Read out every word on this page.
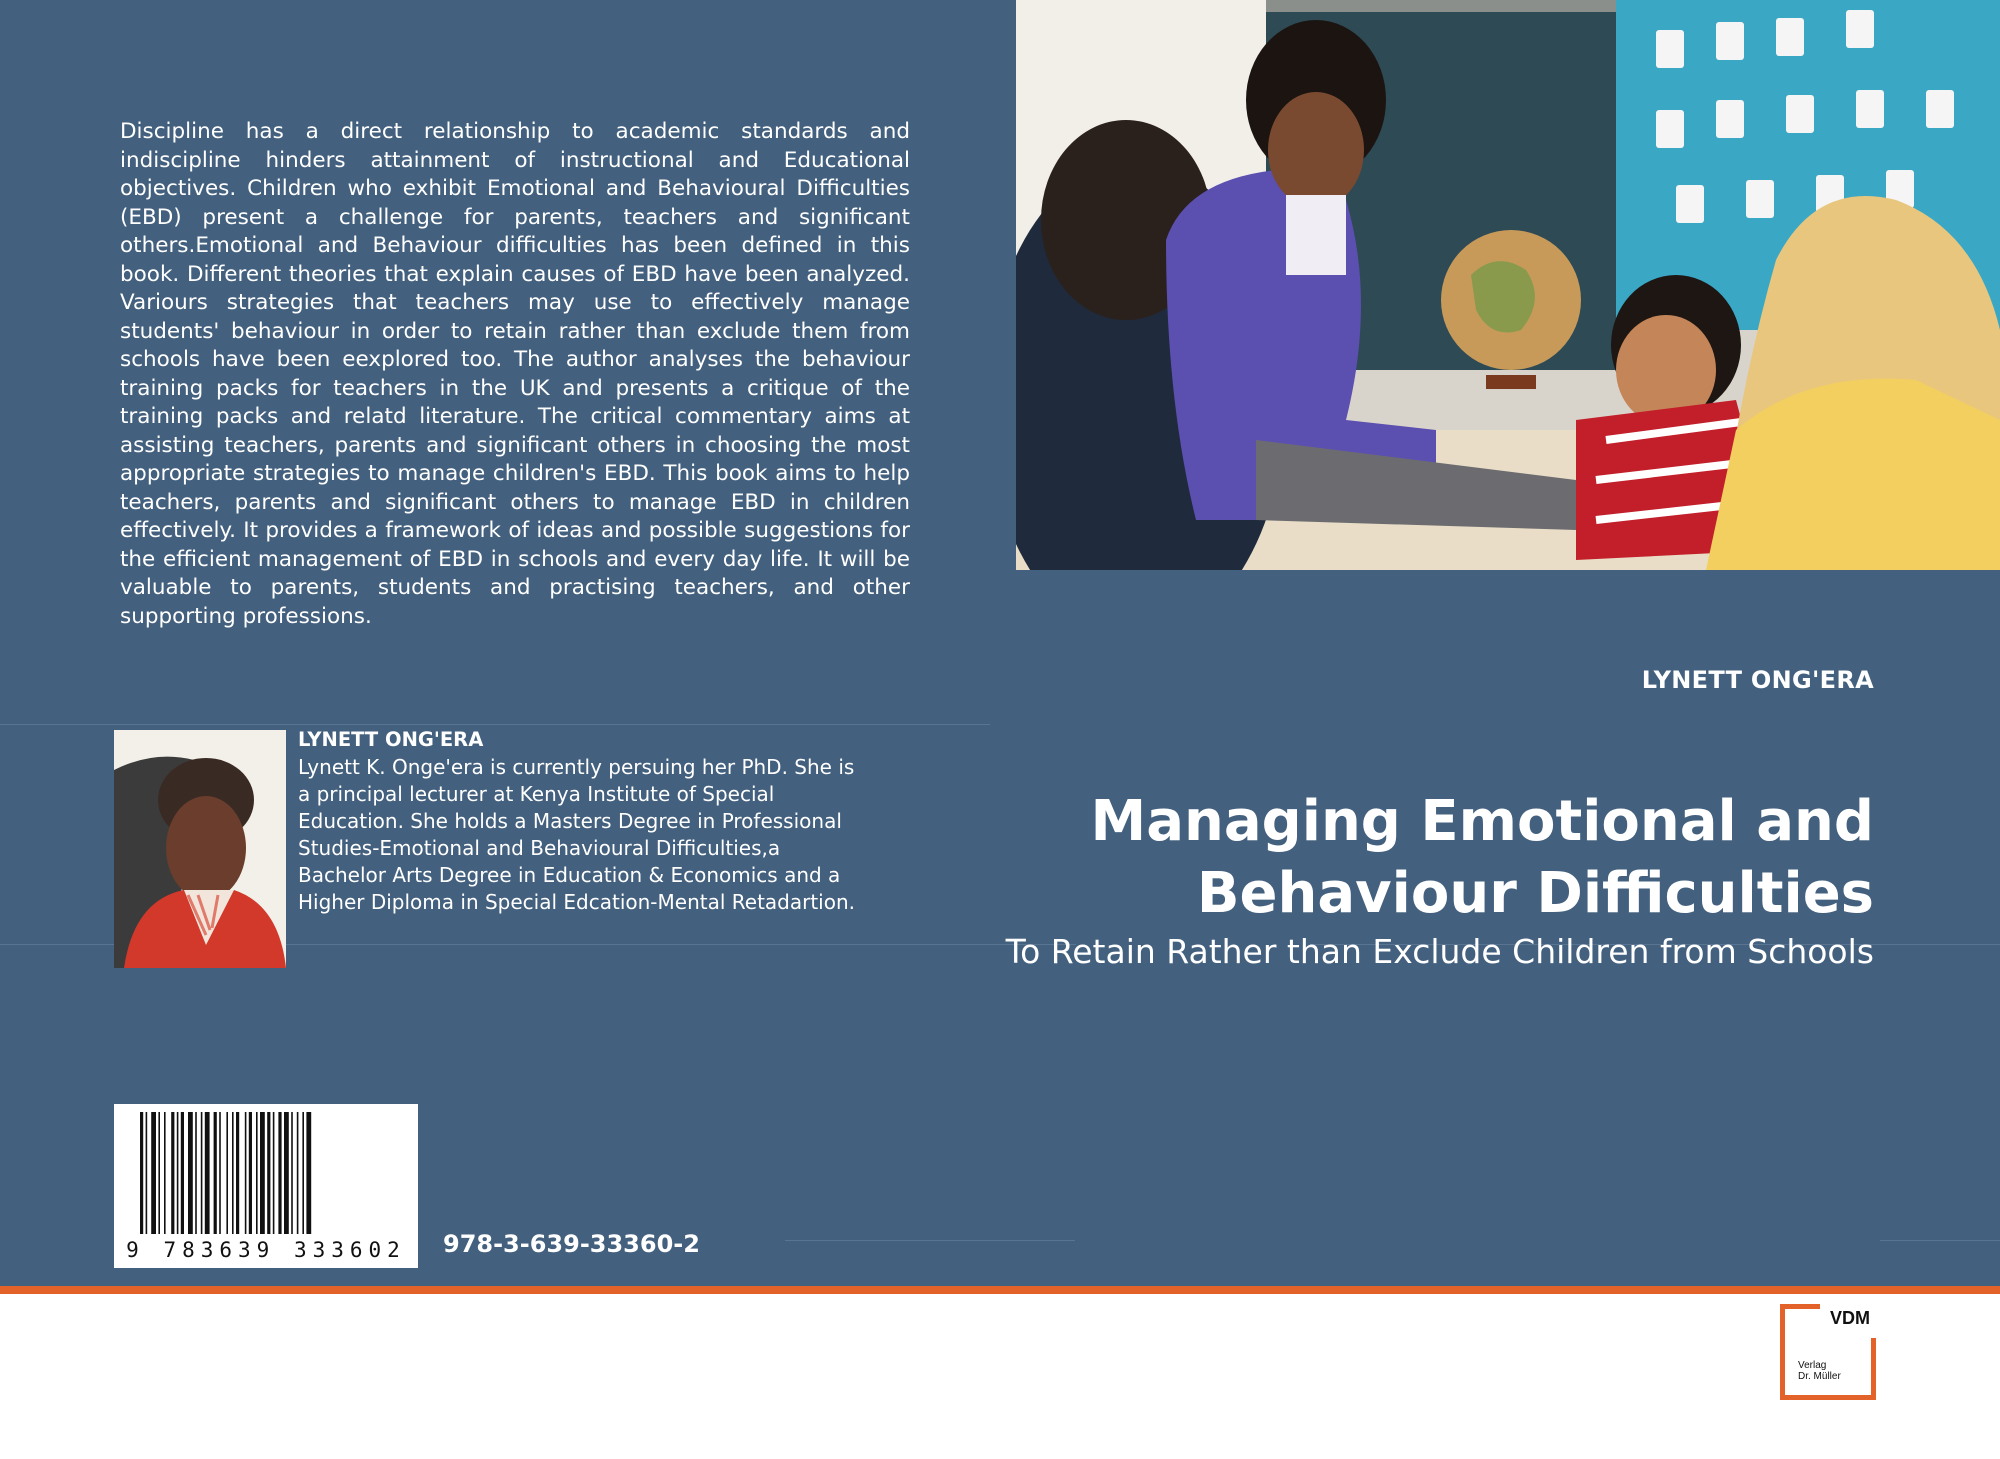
Discipline has a direct relationship to academic standards and indiscipline hinders attainment of instructional and Educational objectives. Children who exhibit Emotional and Behavioural Difficulties (EBD) present a challenge for parents, teachers and significant others.Emotional and Behaviour difficulties has been defined in this book. Different theories that explain causes of EBD have been analyzed. Variours strategies that teachers may use to effectively manage students' behaviour in order to retain rather than exclude them from schools have been eexplored too. The author analyses the behaviour training packs for teachers in the UK and presents a critique of the training packs and relatd literature. The critical commentary aims at assisting teachers, parents and significant others in choosing the most appropriate strategies to manage children's EBD. This book aims to help teachers, parents and significant others to manage EBD in children effectively. It provides a framework of ideas and possible suggestions for the efficient management of EBD in schools and every day life. It will be valuable to parents, students and practising teachers, and other supporting professions.

LYNETT ONG'ERA
Managing Emotional and Behaviour Difficulties
To Retain Rather than Exclude Children from Schools
LYNETT ONG'ERA
Lynett K. Onge'era is currently persuing her PhD. She is a principal lecturer at Kenya Institute of Special Education. She holds a Masters Degree in Professional Studies-Emotional and Behavioural Difficulties,a Bachelor Arts Degree in Education & Economics and a Higher Diploma in Special Edcation-Mental Retadartion.
9 783639 333602	978-3-639-33360-2
VDM
Verlag
Dr. Müller
